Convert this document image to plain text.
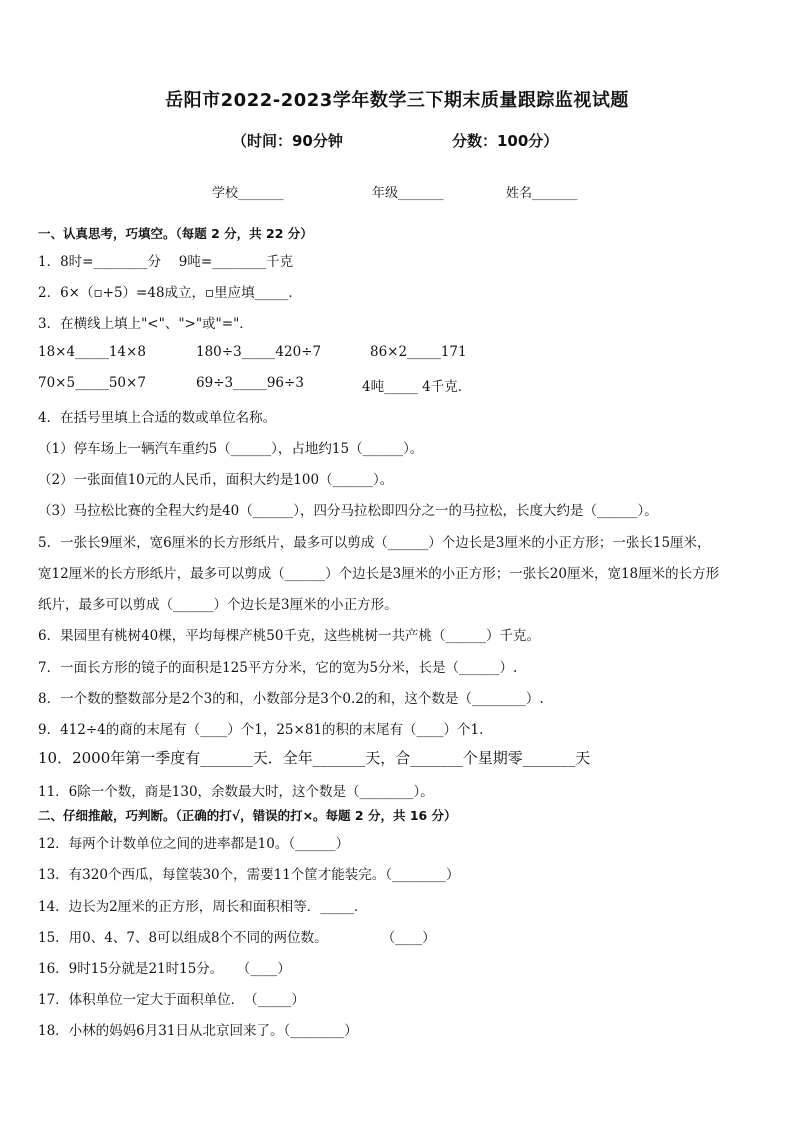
岳阳市2022-2023学年数学三下期末质量跟踪监视试题
（时间：90分钟	分数：100分）
学校_______	年级_______	姓名_______
一、认真思考，巧填空。（每题 2 分，共 22 分）
1．8时=________分　 9吨=________千克
2．6×（▫+5）=48成立，▫里应填_____．
3．在横线上填上"<"、">"或"="．
18×4_____14×8	180÷3_____420÷7	86×2_____171
70×5_____50×7	69÷3_____96÷3	4吨_____ 4千克．
4．在括号里填上合适的数或单位名称。
（1）停车场上一辆汽车重约5（______），占地约15（______）。
（2）一张面值10元的人民币，面积大约是100（______）。
（3）马拉松比赛的全程大约是40（______），四分马拉松即四分之一的马拉松，长度大约是（______）。
5．一张长9厘米，宽6厘米的长方形纸片，最多可以剪成（______）个边长是3厘米的小正方形；一张长15厘米，
宽12厘米的长方形纸片，最多可以剪成（______）个边长是3厘米的小正方形；一张长20厘米，宽18厘米的长方形
纸片，最多可以剪成（______）个边长是3厘米的小正方形。
6．果园里有桃树40棵，平均每棵产桃50千克，这些桃树一共产桃（______）千克。
7．一面长方形的镜子的面积是125平方分米，它的宽为5分米，长是（______）.
8．一个数的整数部分是2个3的和，小数部分是3个0.2的和，这个数是（________）.
9．412÷4的商的末尾有（____）个1，25×81的积的末尾有（____）个1．
10．2000年第一季度有_______天．全年_______天，合_______个星期零_______天
11．6除一个数，商是130，余数最大时，这个数是（________）。
二、仔细推敲，巧判断。（正确的打√，错误的打×。每题 2 分，共 16 分）
12．每两个计数单位之间的进率都是10。（______）
13．有320个西瓜，每筐装30个，需要11个筐才能装完。（________）
14．边长为2厘米的正方形，周长和面积相等．_____．
15．用0、4、7、8可以组成8个不同的两位数。　　　　　（____）
16．9时15分就是21时15分。　　（____）
17．体积单位一定大于面积单位．　（_____）
18．小林的妈妈6月31日从北京回来了。（________）
